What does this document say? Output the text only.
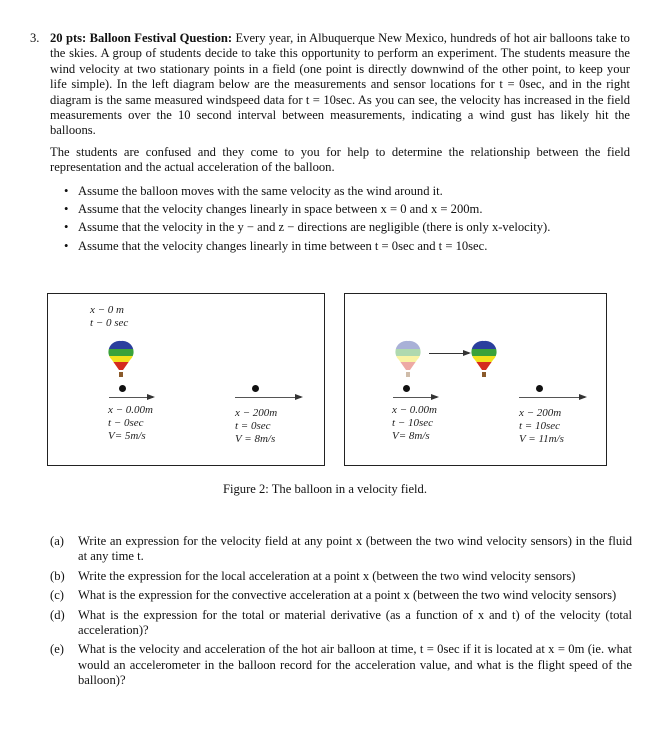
3. 20 pts: Balloon Festival Question: Every year, in Albuquerque New Mexico, hundreds of hot air balloons take to the skies. A group of students decide to take this opportunity to perform an experiment. The students measure the wind velocity at two stationary points in a field (one point is directly downwind of the other point, to keep your life simple). In the left diagram below are the measurements and sensor locations for t = 0sec, and in the right diagram is the same measured windspeed data for t = 10sec. As you can see, the velocity has increased in the field measurements over the 10 second interval between measurements, indicating a wind gust has likely hit the balloons.
The students are confused and they come to you for help to determine the relationship between the field representation and the actual acceleration of the balloon.
• Assume the balloon moves with the same velocity as the wind around it.
• Assume that the velocity changes linearly in space between x = 0 and x = 200m.
• Assume that the velocity in the y − and z − directions are negligible (there is only x-velocity).
• Assume that the velocity changes linearly in time between t = 0sec and t = 10sec.
x − 0 m
t − 0 sec
x − 0.00m
t − 0sec
V= 5m/s
x − 200m
t = 0sec
V = 8m/s
x − 0.00m
t − 10sec
V= 8m/s
x − 200m
t = 10sec
V = 11m/s
Figure 2: The balloon in a velocity field.
(a) Write an expression for the velocity field at any point x (between the two wind velocity sensors) in the fluid at any time t.
(b) Write the expression for the local acceleration at a point x (between the two wind velocity sensors)
(c) What is the expression for the convective acceleration at a point x (between the two wind velocity sensors)
(d) What is the expression for the total or material derivative (as a function of x and t) of the velocity (total acceleration)?
(e) What is the velocity and acceleration of the hot air balloon at time, t = 0sec if it is located at x = 0m (ie. what would an accelerometer in the balloon record for the acceleration value, and what is the flight speed of the balloon)?
